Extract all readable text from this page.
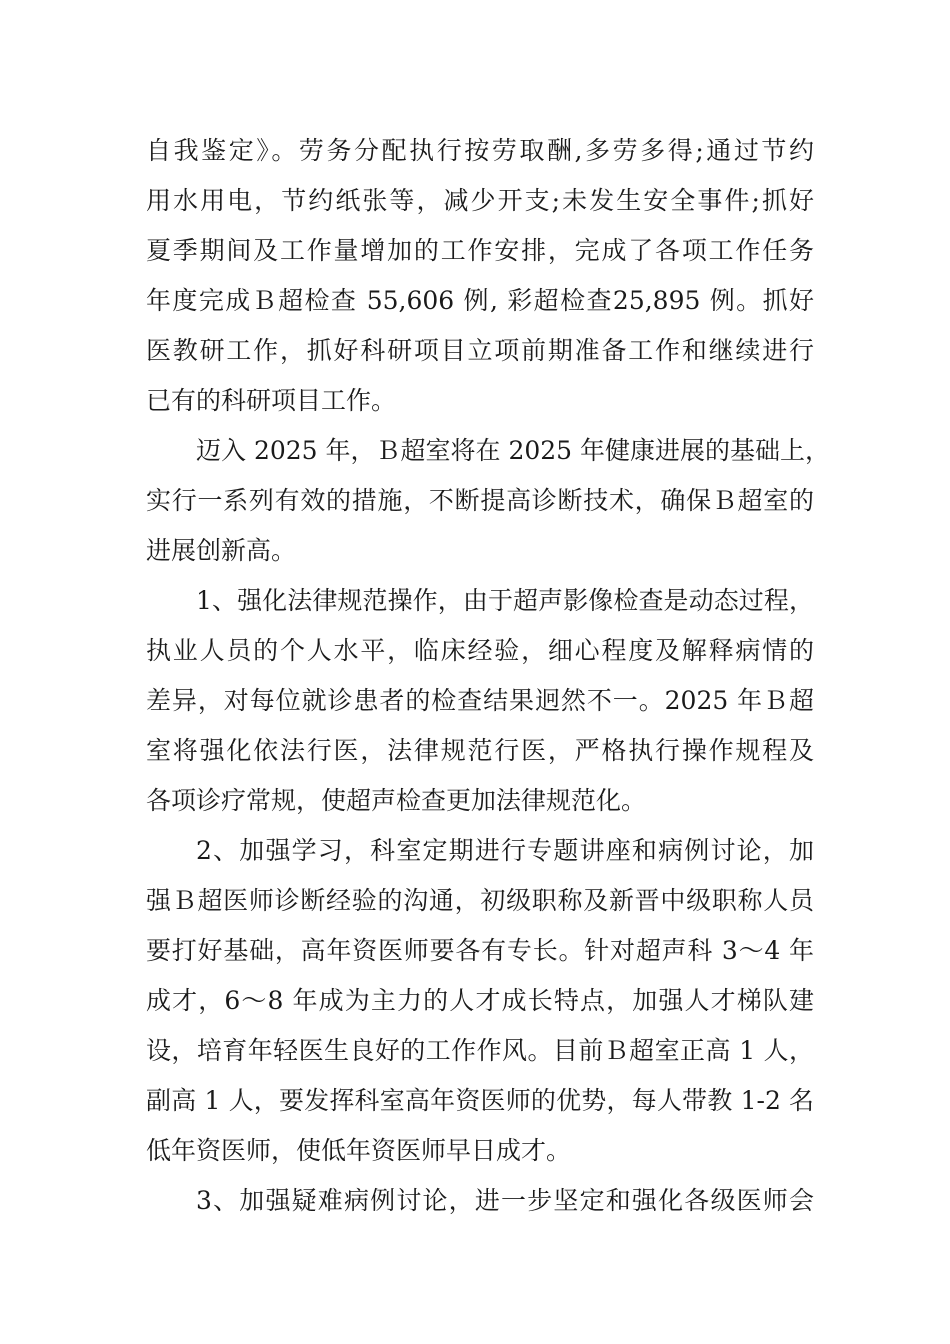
自我鉴定》。劳务分配执行按劳取酬,多劳多得;通过节约
用水用电，节约纸张等，减少开支;未发生安全事件;抓好
夏季期间及工作量增加的工作安排，完成了各项工作任务
年度完成Ｂ超检查 55,606 例, 彩超检查25,895 例。抓好
医教研工作，抓好科研项目立项前期准备工作和继续进行
已有的科研项目工作。
迈入 2025 年，Ｂ超室将在 2025 年健康进展的基础上，
实行一系列有效的措施，不断提高诊断技术，确保Ｂ超室的
进展创新高。
1、强化法律规范操作，由于超声影像检查是动态过程，
执业人员的个人水平，临床经验，细心程度及解释病情的
差异，对每位就诊患者的检查结果迥然不一。2025 年Ｂ超
室将强化依法行医，法律规范行医，严格执行操作规程及
各项诊疗常规，使超声检查更加法律规范化。
2、加强学习，科室定期进行专题讲座和病例讨论，加
强Ｂ超医师诊断经验的沟通，初级职称及新晋中级职称人员
要打好基础，高年资医师要各有专长。针对超声科 3～4 年
成才，6～8 年成为主力的人才成长特点，加强人才梯队建
设，培育年轻医生良好的工作作风。目前Ｂ超室正高 1 人，
副高 1 人，要发挥科室高年资医师的优势，每人带教 1-2 名
低年资医师，使低年资医师早日成才。
3、加强疑难病例讨论，进一步坚定和强化各级医师会
